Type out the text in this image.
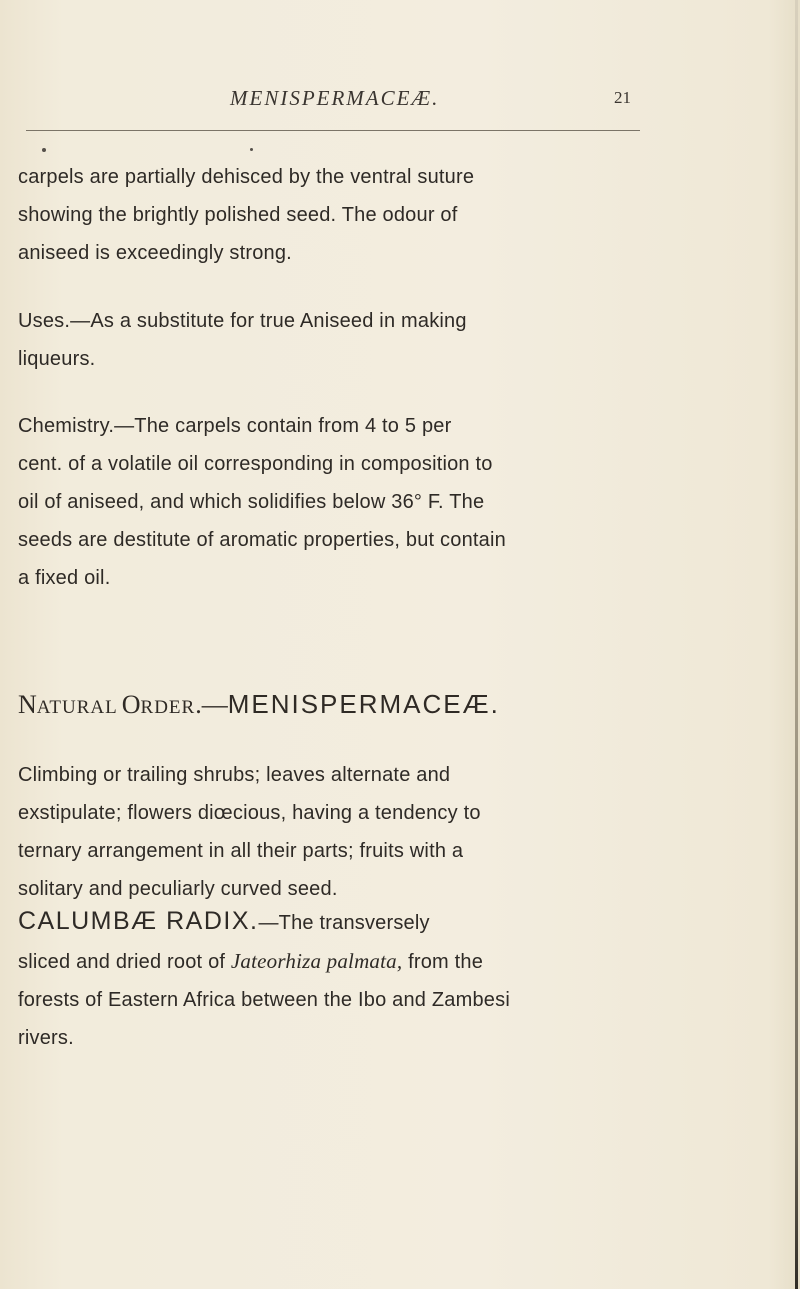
MENISPERMACEÆ.	21
carpels are partially dehisced by the ventral suture
showing the brightly polished seed. The odour of
aniseed is exceedingly strong.
Uses.—As a substitute for true Aniseed in making
liqueurs.
Chemistry.—The carpels contain from 4 to 5 per
cent. of a volatile oil corresponding in composition to
oil of aniseed, and which solidifies below 36° F. The
seeds are destitute of aromatic properties, but contain
a fixed oil.
NATURAL ORDER.—MENISPERMACEÆ.
Climbing or trailing shrubs; leaves alternate and
exstipulate; flowers diœcious, having a tendency to
ternary arrangement in all their parts; fruits with a
solitary and peculiarly curved seed.
CALUMBÆ RADIX.—The transversely
sliced and dried root of Jateorhiza palmata, from the
forests of Eastern Africa between the Ibo and Zambesi
rivers.
